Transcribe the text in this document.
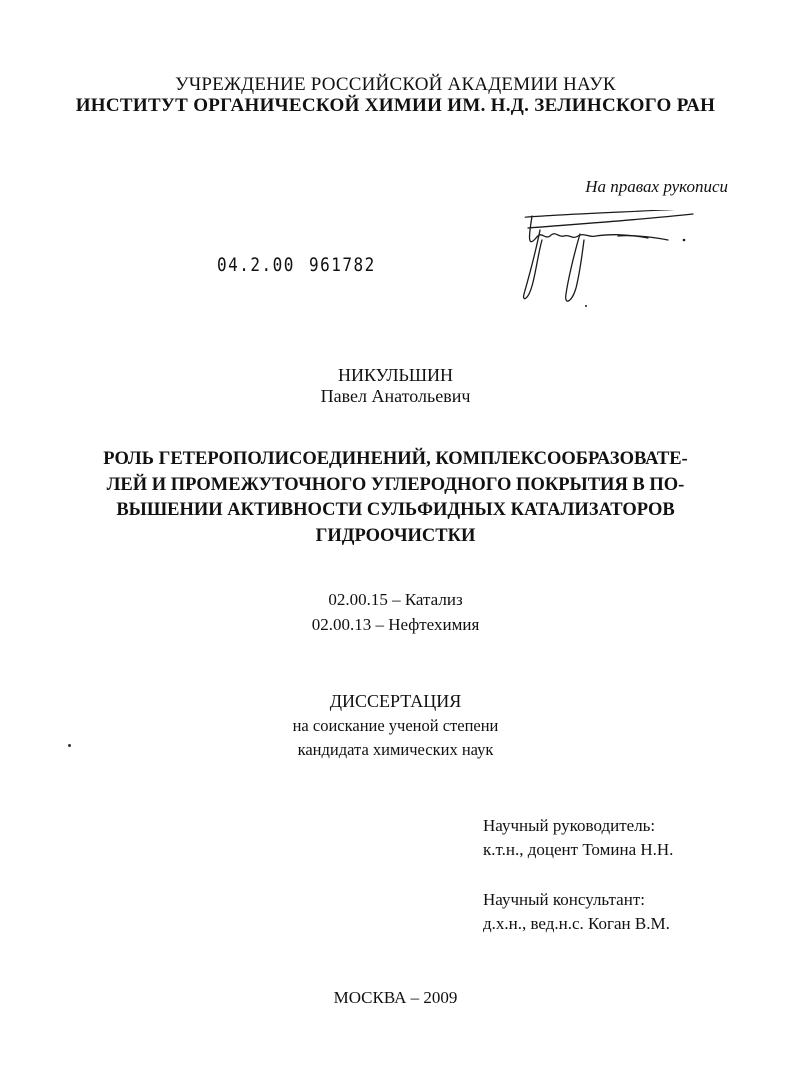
УЧРЕЖДЕНИЕ РОССИЙСКОЙ АКАДЕМИИ НАУК
ИНСТИТУТ ОРГАНИЧЕСКОЙ ХИМИИ ИМ. Н.Д. ЗЕЛИНСКОГО РАН
На правах рукописи
04.2.00 961782
НИКУЛЬШИН
Павел Анатольевич
РОЛЬ ГЕТЕРОПОЛИСОЕДИНЕНИЙ, КОМПЛЕКСООБРАЗОВАТЕ-
ЛЕЙ И ПРОМЕЖУТОЧНОГО УГЛЕРОДНОГО ПОКРЫТИЯ В ПО-
ВЫШЕНИИ АКТИВНОСТИ СУЛЬФИДНЫХ КАТАЛИЗАТОРОВ
ГИДРООЧИСТКИ
02.00.15 – Катализ
02.00.13 – Нефтехимия
ДИССЕРТАЦИЯ
на соискание ученой степени
кандидата химических наук
Научный руководитель:
к.т.н., доцент Томина Н.Н.
Научный консультант:
д.х.н., вед.н.с. Коган В.М.
МОСКВА – 2009
